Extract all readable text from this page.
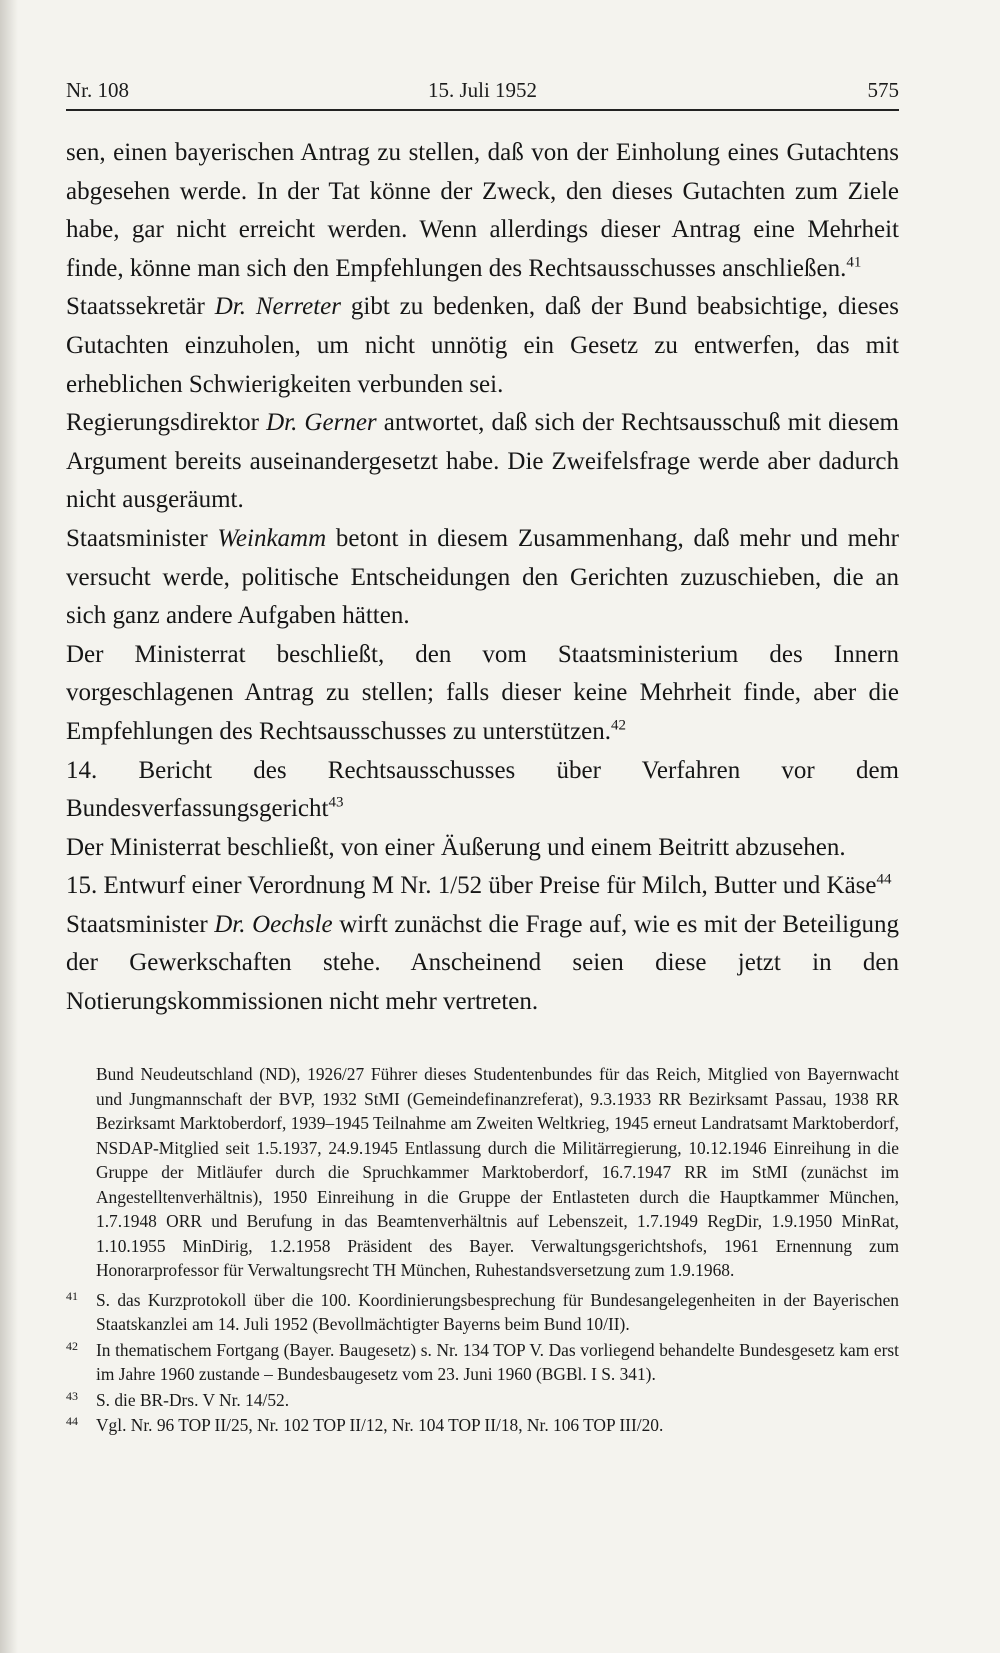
Nr. 108	15. Juli 1952	575

sen, einen bayerischen Antrag zu stellen, daß von der Einholung eines Gutachtens abgesehen werde. In der Tat könne der Zweck, den dieses Gutachten zum Ziele habe, gar nicht erreicht werden. Wenn allerdings dieser Antrag eine Mehrheit finde, könne man sich den Empfehlungen des Rechtsausschusses anschließen.$^{41}$

Staatssekretär Dr. Nerreter gibt zu bedenken, daß der Bund beabsichtige, dieses Gutachten einzuholen, um nicht unnötig ein Gesetz zu entwerfen, das mit erheblichen Schwierigkeiten verbunden sei.

Regierungsdirektor Dr. Gerner antwortet, daß sich der Rechtsausschuß mit diesem Argument bereits auseinandergesetzt habe. Die Zweifelsfrage werde aber dadurch nicht ausgeräumt.

Staatsminister Weinkamm betont in diesem Zusammenhang, daß mehr und mehr versucht werde, politische Entscheidungen den Gerichten zuzuschieben, die an sich ganz andere Aufgaben hätten.

Der Ministerrat beschließt, den vom Staatsministerium des Innern vorgeschlagenen Antrag zu stellen; falls dieser keine Mehrheit finde, aber die Empfehlungen des Rechtsausschusses zu unterstützen.$^{42}$

14. Bericht des Rechtsausschusses über Verfahren vor dem Bundesverfassungsgericht$^{43}$

Der Ministerrat beschließt, von einer Äußerung und einem Beitritt abzusehen.

15. Entwurf einer Verordnung M Nr. 1/52 über Preise für Milch, Butter und Käse$^{44}$

Staatsminister Dr. Oechsle wirft zunächst die Frage auf, wie es mit der Beteiligung der Gewerkschaften stehe. Anscheinend seien diese jetzt in den Notierungskommissionen nicht mehr vertreten.

Bund Neudeutschland (ND), 1926/27 Führer dieses Studentenbundes für das Reich, Mitglied von Bayernwacht und Jungmannschaft der BVP, 1932 StMI (Gemeindefinanzreferat), 9.3.1933 RR Bezirksamt Passau, 1938 RR Bezirksamt Marktoberdorf, 1939–1945 Teilnahme am Zweiten Weltkrieg, 1945 erneut Landratsamt Marktoberdorf, NSDAP-Mitglied seit 1.5.1937, 24.9.1945 Entlassung durch die Militärregierung, 10.12.1946 Einreihung in die Gruppe der Mitläufer durch die Spruchkammer Marktoberdorf, 16.7.1947 RR im StMI (zunächst im Angestelltenverhältnis), 1950 Einreihung in die Gruppe der Entlasteten durch die Hauptkammer München, 1.7.1948 ORR und Berufung in das Beamtenverhältnis auf Lebenszeit, 1.7.1949 RegDir, 1.9.1950 MinRat, 1.10.1955 MinDirig, 1.2.1958 Präsident des Bayer. Verwaltungsgerichtshofs, 1961 Ernennung zum Honorarprofessor für Verwaltungsrecht TH München, Ruhestandsversetzung zum 1.9.1968.

41 S. das Kurzprotokoll über die 100. Koordinierungsbesprechung für Bundesangelegenheiten in der Bayerischen Staatskanzlei am 14. Juli 1952 (Bevollmächtigter Bayerns beim Bund 10/II).
42 In thematischem Fortgang (Bayer. Baugesetz) s. Nr. 134 TOP V. Das vorliegend behandelte Bundesgesetz kam erst im Jahre 1960 zustande – Bundesbaugesetz vom 23. Juni 1960 (BGBl. I S. 341).
43 S. die BR-Drs. V Nr. 14/52.
44 Vgl. Nr. 96 TOP II/25, Nr. 102 TOP II/12, Nr. 104 TOP II/18, Nr. 106 TOP III/20.
